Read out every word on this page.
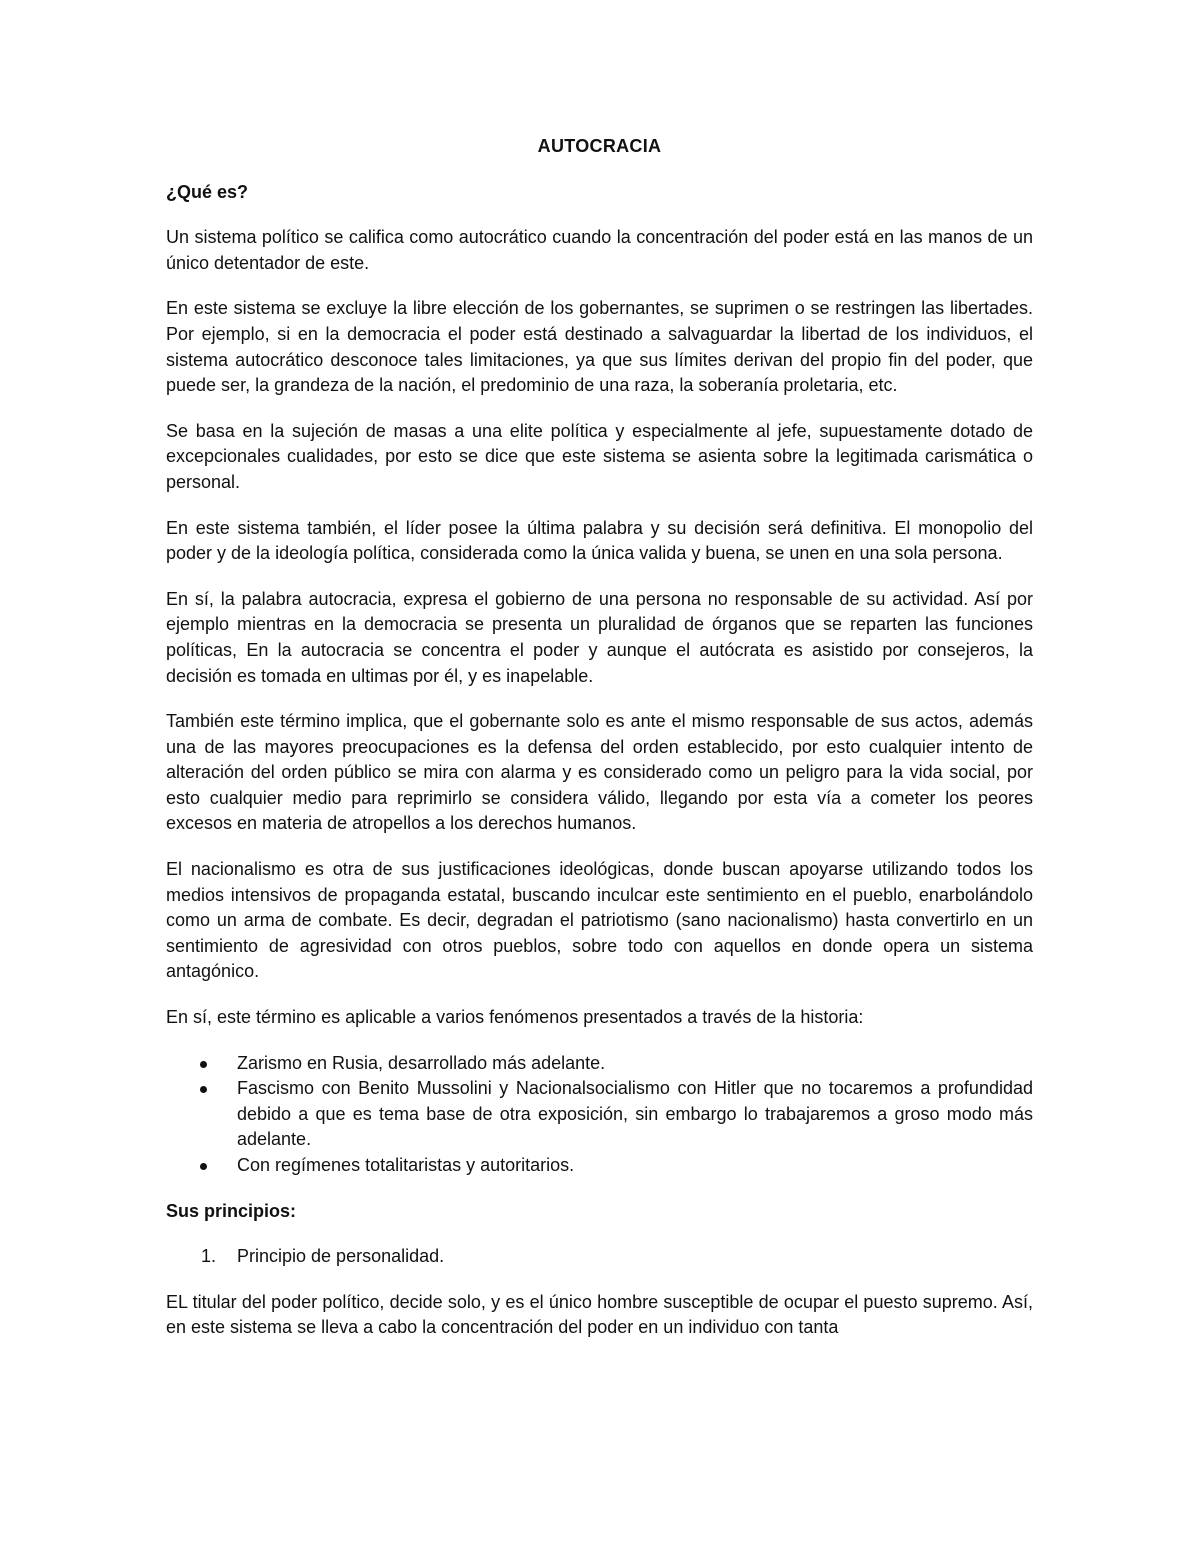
AUTOCRACIA
¿Qué es?

Un sistema político se califica como autocrático cuando la concentración del poder está en las manos de un único detentador de este.

En este sistema se excluye la libre elección de los gobernantes, se suprimen o se restringen las libertades. Por ejemplo, si en la democracia el poder está destinado a salvaguardar la libertad de los individuos, el sistema autocrático desconoce tales limitaciones, ya que sus límites derivan del propio fin del poder, que puede ser, la grandeza de la nación, el predominio de una raza, la soberanía proletaria, etc.

Se basa en la sujeción de masas a una elite política y especialmente al jefe, supuestamente dotado de excepcionales cualidades, por esto se dice que este sistema se asienta sobre la legitimada carismática o personal.

En este sistema también, el líder posee la última palabra y su decisión será definitiva. El monopolio del poder y de la ideología política, considerada como la única valida y buena, se unen en una sola persona.

En sí, la palabra autocracia, expresa el gobierno de una persona no responsable de su actividad. Así por ejemplo mientras en la democracia se presenta un pluralidad de órganos que se reparten las funciones políticas, En la autocracia se concentra el poder y aunque el autócrata es asistido por consejeros, la decisión es tomada en ultimas por él, y es inapelable.

También este término implica, que el gobernante solo es ante el mismo responsable de sus actos, además una de las mayores preocupaciones es la defensa del orden establecido, por esto cualquier intento de alteración del orden público se mira con alarma y es considerado como un peligro para la vida social, por esto cualquier medio para reprimirlo se considera válido, llegando por esta vía a cometer los peores excesos en materia de atropellos a los derechos humanos.

El nacionalismo es otra de sus justificaciones ideológicas, donde buscan apoyarse utilizando todos los medios intensivos de propaganda estatal, buscando inculcar este sentimiento en el pueblo, enarbolándolo como un arma de combate. Es decir, degradan el patriotismo (sano nacionalismo) hasta convertirlo en un sentimiento de agresividad con otros pueblos, sobre todo con aquellos en donde opera un sistema antagónico.

En sí, este término es aplicable a varios fenómenos presentados a través de la historia:

Zarismo en Rusia, desarrollado más adelante.
Fascismo con Benito Mussolini y Nacionalsocialismo con Hitler que no tocaremos a profundidad debido a que es tema base de otra exposición, sin embargo lo trabajaremos a groso modo más adelante.
Con regímenes totalitaristas y autoritarios.
Sus principios:
1. Principio de personalidad.

EL titular del poder político, decide solo, y es el único hombre susceptible de ocupar el puesto supremo. Así, en este sistema se lleva a cabo la concentración del poder en un individuo con tanta
